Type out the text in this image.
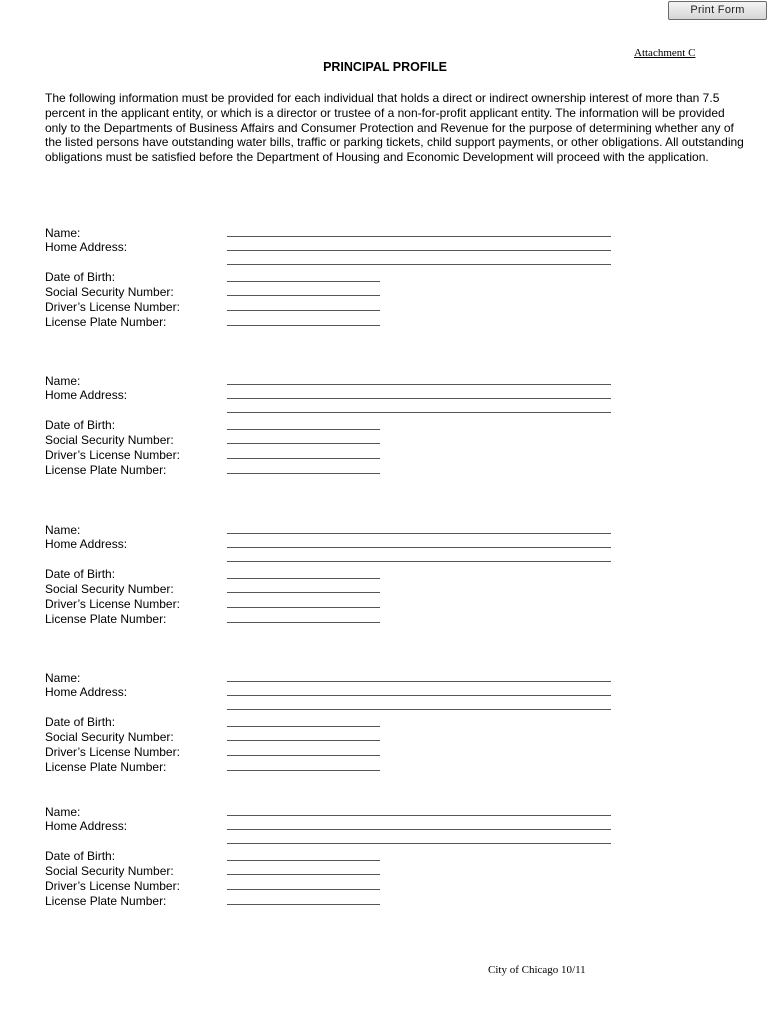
Print Form
Attachment C
PRINCIPAL PROFILE
The following information must be provided for each individual that holds a direct or indirect ownership interest of more than 7.5 percent in the applicant entity, or which is a director or trustee of a non-for-profit applicant entity. The information will be provided only to the Departments of Business Affairs and Consumer Protection and Revenue for the purpose of determining whether any of the listed persons have outstanding water bills, traffic or parking tickets, child support payments, or other obligations. All outstanding obligations must be satisfied before the Department of Housing and Economic Development will proceed with the application.
Name:
Home Address:
Date of Birth:
Social Security Number:
Driver’s License Number:
License Plate Number:
Name:
Home Address:
Date of Birth:
Social Security Number:
Driver’s License Number:
License Plate Number:
Name:
Home Address:
Date of Birth:
Social Security Number:
Driver’s License Number:
License Plate Number:
Name:
Home Address:
Date of Birth:
Social Security Number:
Driver’s License Number:
License Plate Number:
Name:
Home Address:
Date of Birth:
Social Security Number:
Driver’s License Number:
License Plate Number:
City of Chicago 10/11
